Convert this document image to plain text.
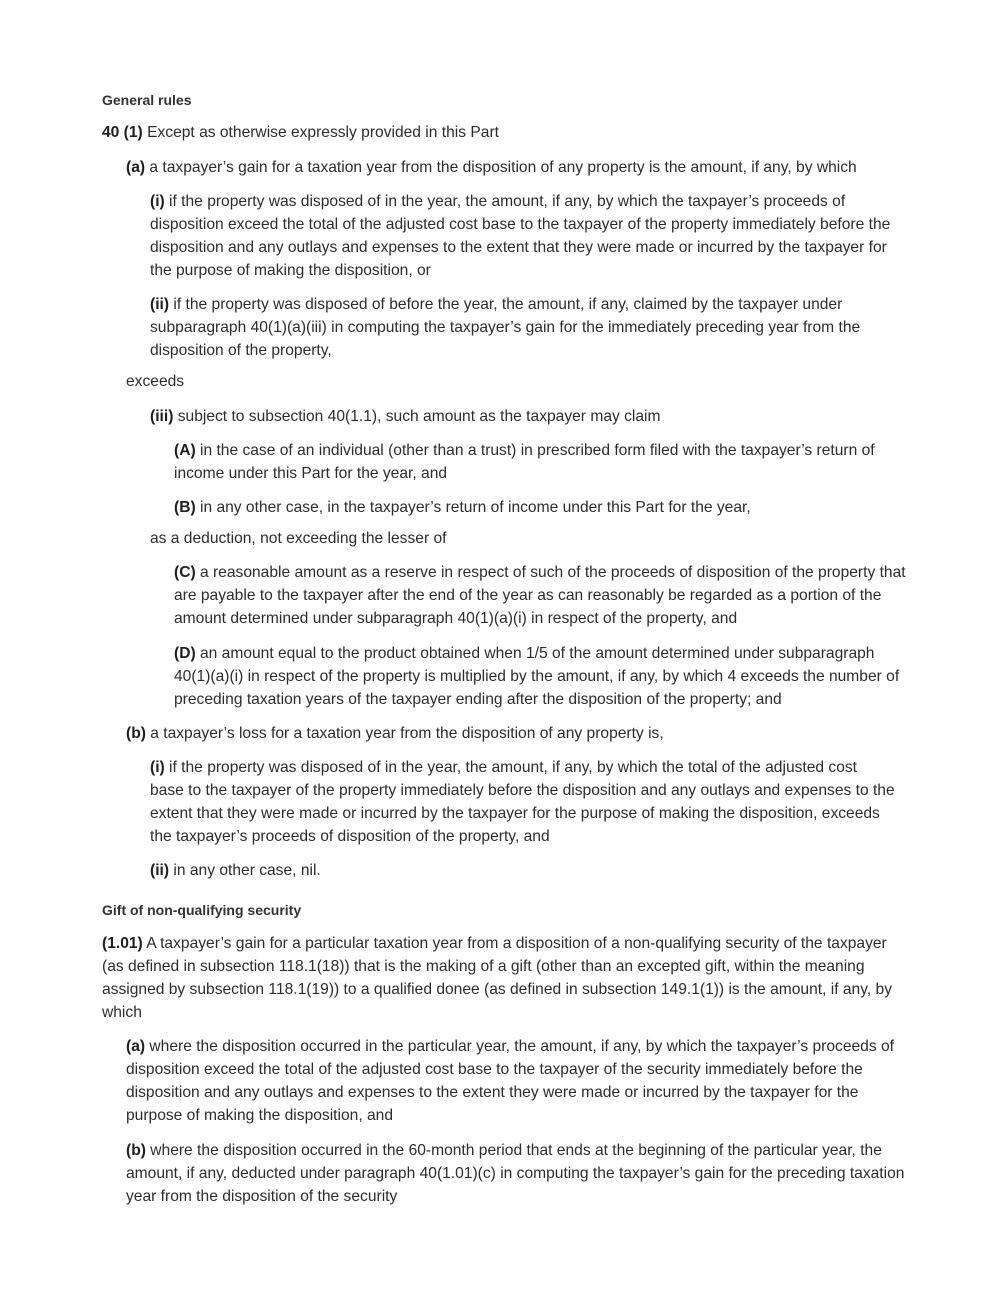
General rules

40 (1) Except as otherwise expressly provided in this Part

(a) a taxpayer’s gain for a taxation year from the disposition of any property is the amount, if any, by which

(i) if the property was disposed of in the year, the amount, if any, by which the taxpayer’s proceeds of disposition exceed the total of the adjusted cost base to the taxpayer of the property immediately before the disposition and any outlays and expenses to the extent that they were made or incurred by the taxpayer for the purpose of making the disposition, or

(ii) if the property was disposed of before the year, the amount, if any, claimed by the taxpayer under subparagraph 40(1)(a)(iii) in computing the taxpayer’s gain for the immediately preceding year from the disposition of the property,

exceeds

(iii) subject to subsection 40(1.1), such amount as the taxpayer may claim

(A) in the case of an individual (other than a trust) in prescribed form filed with the taxpayer’s return of income under this Part for the year, and

(B) in any other case, in the taxpayer’s return of income under this Part for the year,

as a deduction, not exceeding the lesser of

(C) a reasonable amount as a reserve in respect of such of the proceeds of disposition of the property that are payable to the taxpayer after the end of the year as can reasonably be regarded as a portion of the amount determined under subparagraph 40(1)(a)(i) in respect of the property, and

(D) an amount equal to the product obtained when 1/5 of the amount determined under subparagraph 40(1)(a)(i) in respect of the property is multiplied by the amount, if any, by which 4 exceeds the number of preceding taxation years of the taxpayer ending after the disposition of the property; and

(b) a taxpayer’s loss for a taxation year from the disposition of any property is,

(i) if the property was disposed of in the year, the amount, if any, by which the total of the adjusted cost base to the taxpayer of the property immediately before the disposition and any outlays and expenses to the extent that they were made or incurred by the taxpayer for the purpose of making the disposition, exceeds the taxpayer’s proceeds of disposition of the property, and

(ii) in any other case, nil.

Gift of non-qualifying security

(1.01) A taxpayer’s gain for a particular taxation year from a disposition of a non-qualifying security of the taxpayer (as defined in subsection 118.1(18)) that is the making of a gift (other than an excepted gift, within the meaning assigned by subsection 118.1(19)) to a qualified donee (as defined in subsection 149.1(1)) is the amount, if any, by which

(a) where the disposition occurred in the particular year, the amount, if any, by which the taxpayer’s proceeds of disposition exceed the total of the adjusted cost base to the taxpayer of the security immediately before the disposition and any outlays and expenses to the extent they were made or incurred by the taxpayer for the purpose of making the disposition, and

(b) where the disposition occurred in the 60-month period that ends at the beginning of the particular year, the amount, if any, deducted under paragraph 40(1.01)(c) in computing the taxpayer’s gain for the preceding taxation year from the disposition of the security
